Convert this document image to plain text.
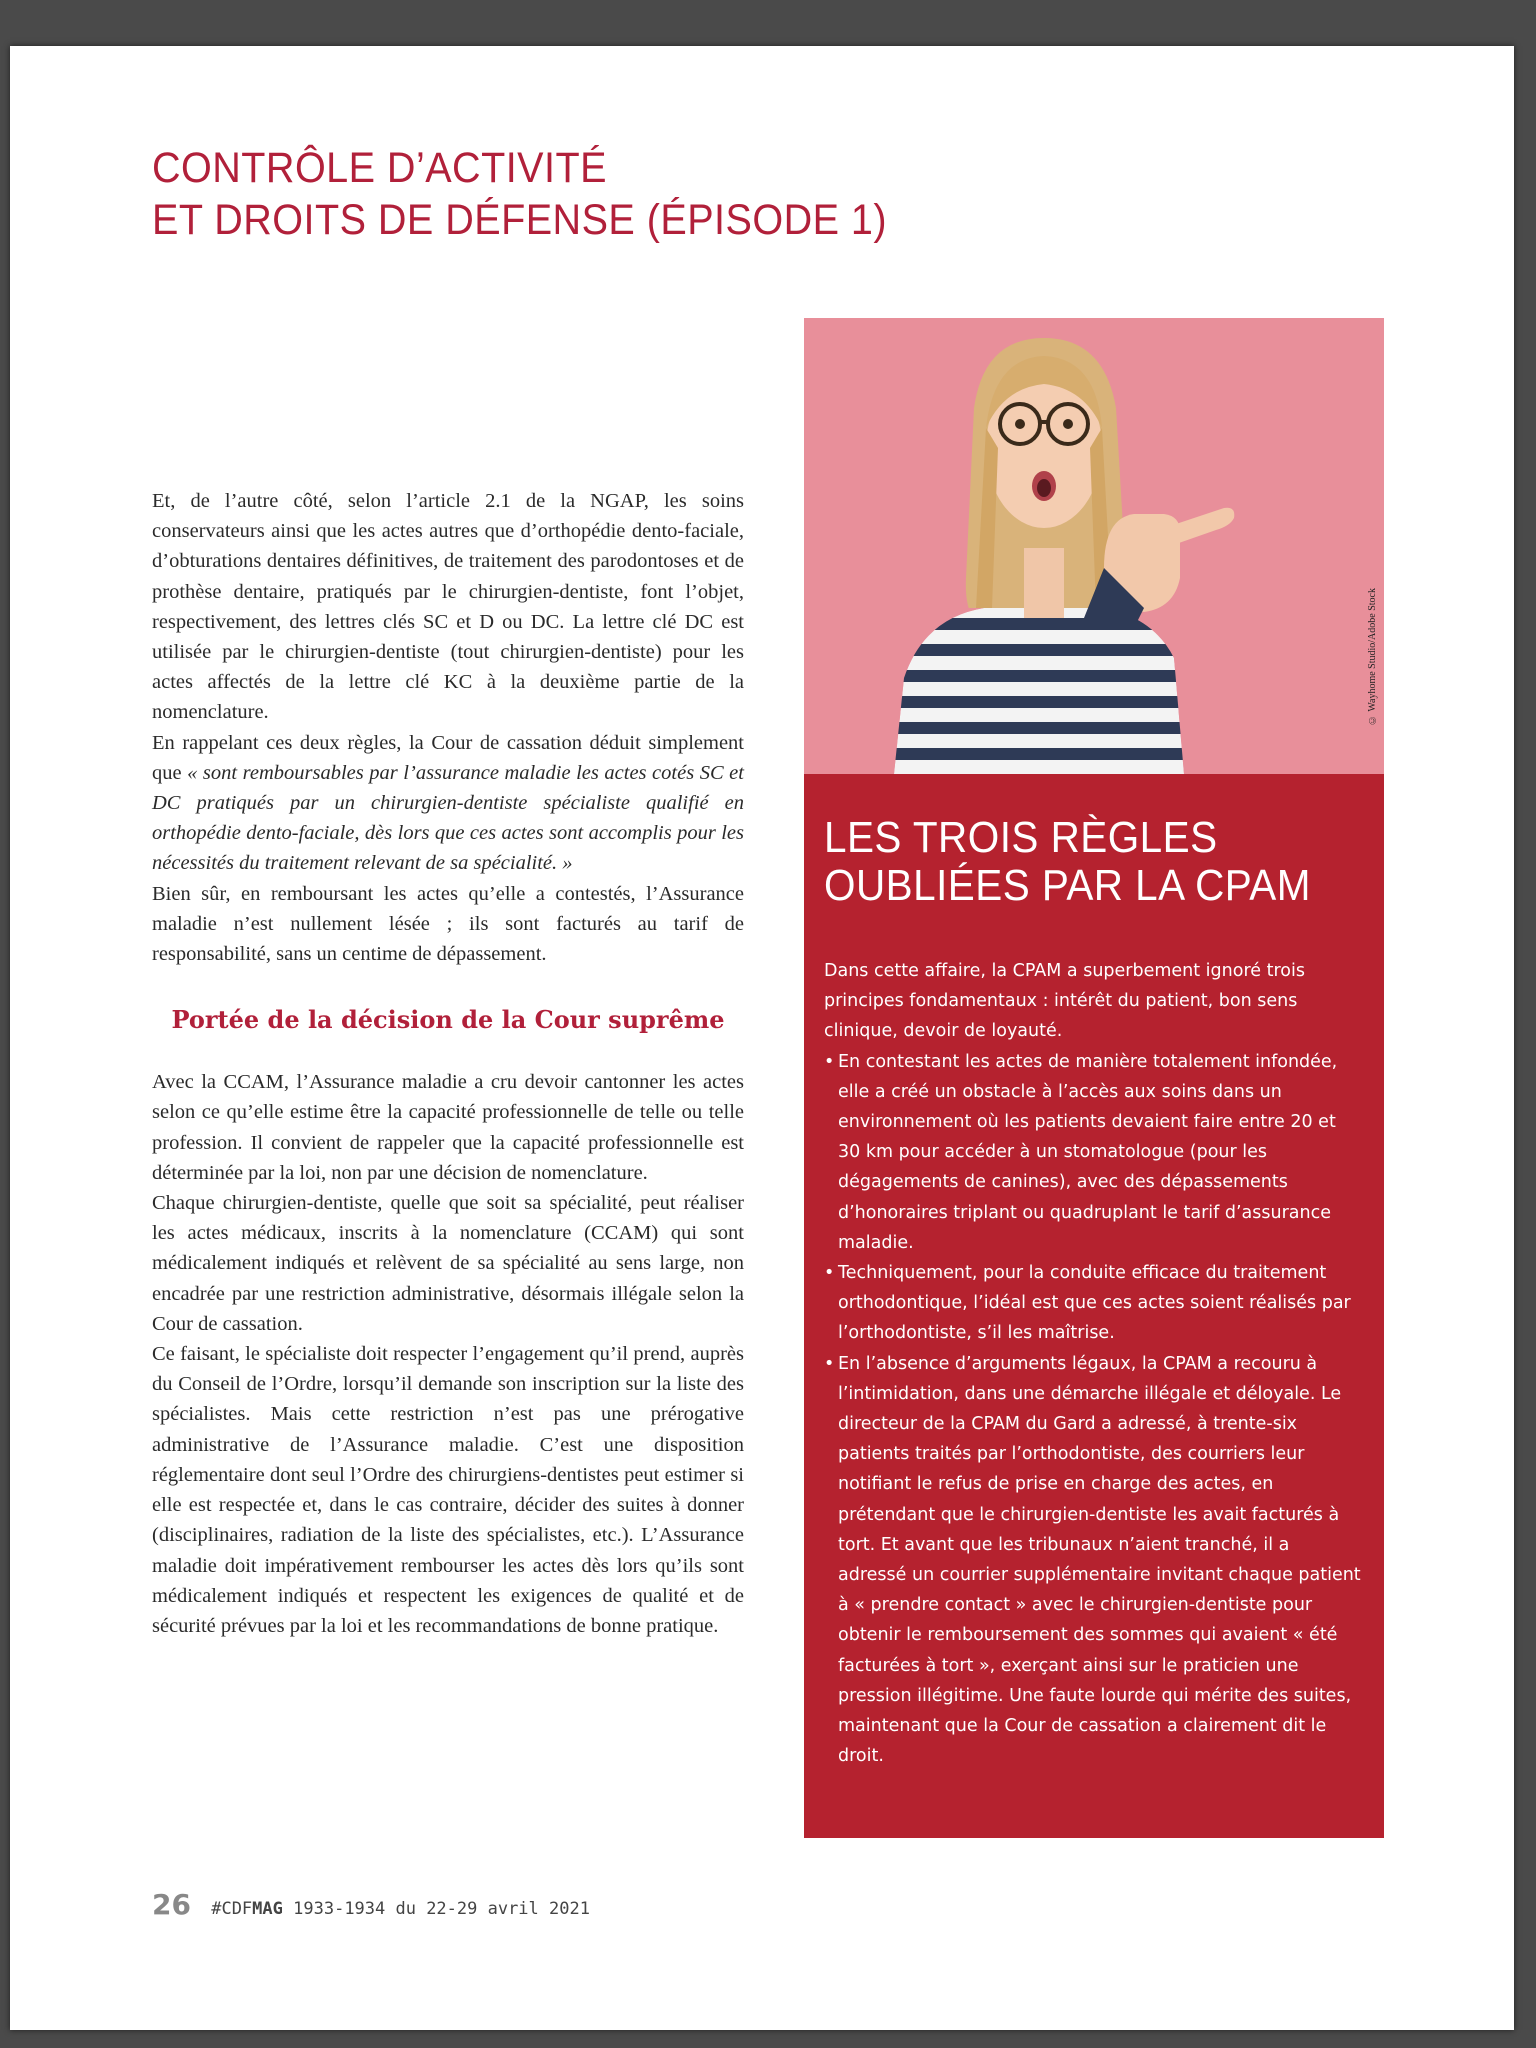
CONTRÔLE D’ACTIVITÉ
ET DROITS DE DÉFENSE (ÉPISODE 1)

Et, de l’autre côté, selon l’article 2.1 de la NGAP, les soins conservateurs ainsi que les actes autres que d’orthopédie dento-faciale, d’obturations dentaires définitives, de traitement des parodontoses et de prothèse dentaire, pratiqués par le chirurgien-dentiste, font l’objet, respectivement, des lettres clés SC et D ou DC. La lettre clé DC est utilisée par le chirurgien-dentiste (tout chirurgien-dentiste) pour les actes affectés de la lettre clé KC à la deuxième partie de la nomenclature.

En rappelant ces deux règles, la Cour de cassation déduit simplement que « sont remboursables par l’assurance maladie les actes cotés SC et DC pratiqués par un chirurgien-dentiste spécialiste qualifié en orthopédie dento-faciale, dès lors que ces actes sont accomplis pour les nécessités du traitement relevant de sa spécialité. »

Bien sûr, en remboursant les actes qu’elle a contestés, l’Assurance maladie n’est nullement lésée ; ils sont facturés au tarif de responsabilité, sans un centime de dépassement.

Portée de la décision de la Cour suprême

Avec la CCAM, l’Assurance maladie a cru devoir cantonner les actes selon ce qu’elle estime être la capacité professionnelle de telle ou telle profession. Il convient de rappeler que la capacité professionnelle est déterminée par la loi, non par une décision de nomenclature.

Chaque chirurgien-dentiste, quelle que soit sa spécialité, peut réaliser les actes médicaux, inscrits à la nomenclature (CCAM) qui sont médicalement indiqués et relèvent de sa spécialité au sens large, non encadrée par une restriction administrative, désormais illégale selon la Cour de cassation.

Ce faisant, le spécialiste doit respecter l’engagement qu’il prend, auprès du Conseil de l’Ordre, lorsqu’il demande son inscription sur la liste des spécialistes. Mais cette restriction n’est pas une prérogative administrative de l’Assurance maladie. C’est une disposition réglementaire dont seul l’Ordre des chirurgiens-dentistes peut estimer si elle est respectée et, dans le cas contraire, décider des suites à donner (disciplinaires, radiation de la liste des spécialistes, etc.). L’Assurance maladie doit impérativement rembourser les actes dès lors qu’ils sont médicalement indiqués et respectent les exigences de qualité et de sécurité prévues par la loi et les recommandations de bonne pratique.

© Wayhome Studio/Adobe Stock
LES TROIS RÈGLES
OUBLIÉES PAR LA CPAM

Dans cette affaire, la CPAM a superbement ignoré trois principes fondamentaux : intérêt du patient, bon sens clinique, devoir de loyauté.

• En contestant les actes de manière totalement infondée, elle a créé un obstacle à l’accès aux soins dans un environnement où les patients devaient faire entre 20 et 30 km pour accéder à un stomatologue (pour les dégagements de canines), avec des dépassements d’honoraires triplant ou quadruplant le tarif d’assurance maladie.
• Techniquement, pour la conduite efficace du traitement orthodontique, l’idéal est que ces actes soient réalisés par l’orthodontiste, s’il les maîtrise.
• En l’absence d’arguments légaux, la CPAM a recouru à l’intimidation, dans une démarche illégale et déloyale. Le directeur de la CPAM du Gard a adressé, à trente-six patients traités par l’orthodontiste, des courriers leur notifiant le refus de prise en charge des actes, en prétendant que le chirurgien-dentiste les avait facturés à tort. Et avant que les tribunaux n’aient tranché, il a adressé un courrier supplémentaire invitant chaque patient à « prendre contact » avec le chirurgien-dentiste pour obtenir le remboursement des sommes qui avaient « été facturées à tort », exerçant ainsi sur le praticien une pression illégitime. Une faute lourde qui mérite des suites, maintenant que la Cour de cassation a clairement dit le droit.
26 #CDFMAG 1933-1934 du 22-29 avril 2021
